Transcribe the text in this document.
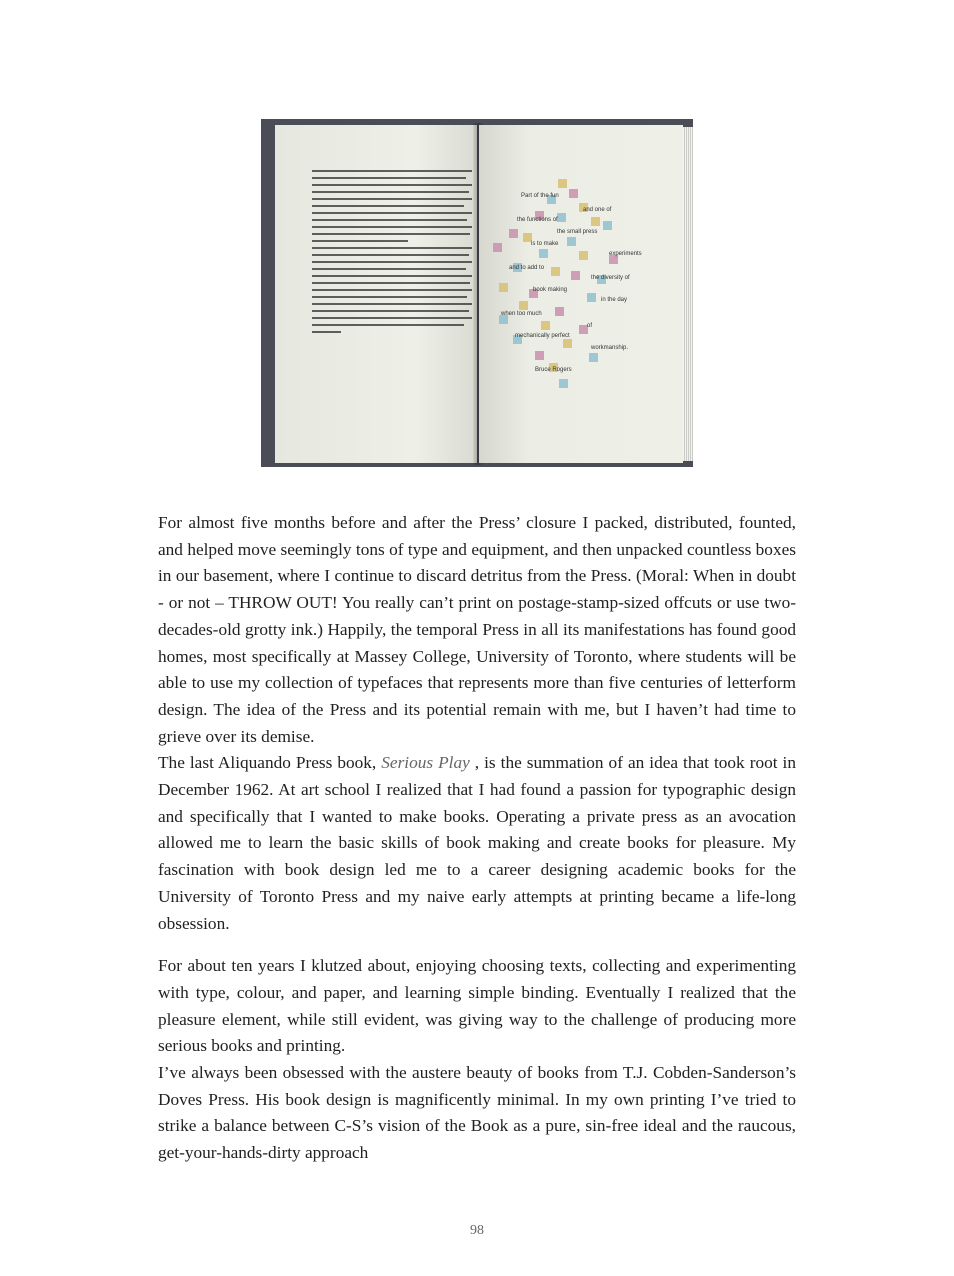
Part of the fun
and one of
the functions of
the small press
is to make
experiments
and to add to
the diversity of
book making
in the day
when too much
of
mechanically perfect
workmanship.
Bruce Rogers

For almost five months before and after the Press’ closure I packed, distributed, founted, and helped move seemingly tons of type and equipment, and then unpacked countless boxes in our basement, where I continue to discard detritus from the Press. (Moral: When in doubt - or not – THROW OUT! You really can’t print on postage-stamp-sized offcuts or use two-decades-old grotty ink.) Happily, the temporal Press in all its manifestations has found good homes, most specifically at Massey College, University of Toronto, where students will be able to use my collection of typefaces that represents more than five centuries of letterform design. The idea of the Press and its potential remain with me, but I haven’t had time to grieve over its demise.

The last Aliquando Press book, Serious Play , is the summation of an idea that took root in December 1962. At art school I realized that I had found a passion for typographic design and specifically that I wanted to make books. Operating a private press as an avocation allowed me to learn the basic skills of book making and create books for pleasure. My fascination with book design led me to a career designing academic books for the University of Toronto Press and my naive early attempts at printing became a life-long obsession.

For about ten years I klutzed about, enjoying choosing texts, collecting and experimenting with type, colour, and paper, and learning simple binding. Eventually I realized that the pleasure element, while still evident, was giving way to the challenge of producing more serious books and printing.

I’ve always been obsessed with the austere beauty of books from T.J. Cobden-Sanderson’s Doves Press. His book design is magnificently minimal. In my own printing I’ve tried to strike a balance between C-S’s vision of the Book as a pure, sin-free ideal and the raucous, get-your-hands-dirty approach

98
